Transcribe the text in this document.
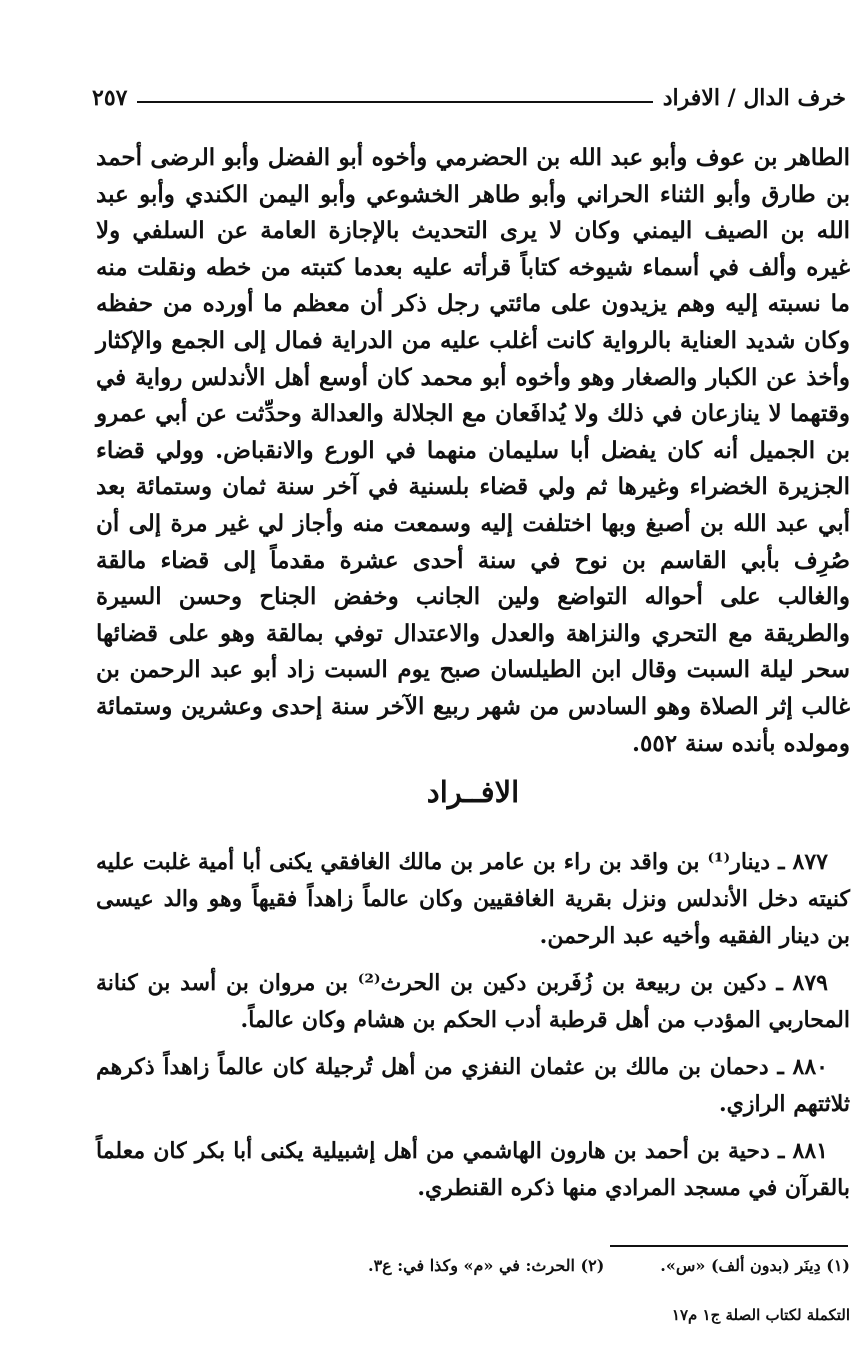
خرف الدال / الافراد
٢٥٧
الطاهر بن عوف وأبو عبد الله بن الحضرمي وأخوه أبو الفضل وأبو الرضى أحمد بن طارق وأبو الثناء الحراني وأبو طاهر الخشوعي وأبو اليمن الكندي وأبو عبد الله بن الصيف اليمني وكان لا يرى التحديث بالإجازة العامة عن السلفي ولا غيره وألف في أسماء شيوخه كتاباً قرأته عليه بعدما كتبته من خطه ونقلت منه ما نسبته إليه وهم يزيدون على مائتي رجل ذكر أن معظم ما أورده من حفظه وكان شديد العناية بالرواية كانت أغلب عليه من الدراية فمال إلى الجمع والإكثار وأخذ عن الكبار والصغار وهو وأخوه أبو محمد كان أوسع أهل الأندلس رواية في وقتهما لا ينازعان في ذلك ولا يُدافَعان مع الجلالة والعدالة وحدِّثت عن أبي عمرو بن الجميل أنه كان يفضل أبا سليمان منهما في الورع والانقباض. وولي قضاء الجزيرة الخضراء وغيرها ثم ولي قضاء بلسنية في آخر سنة ثمان وستمائة بعد أبي عبد الله بن أصبغ وبها اختلفت إليه وسمعت منه وأجاز لي غير مرة إلى أن صُرِف بأبي القاسم بن نوح في سنة أحدى عشرة مقدماً إلى قضاء مالقة والغالب على أحواله التواضع ولين الجانب وخفض الجناح وحسن السيرة والطريقة مع التحري والنزاهة والعدل والاعتدال توفي بمالقة وهو على قضائها سحر ليلة السبت وقال ابن الطيلسان صبح يوم السبت زاد أبو عبد الرحمن بن غالب إثر الصلاة وهو السادس من شهر ربيع الآخر سنة إحدى وعشرين وستمائة ومولده بأنده سنة ٥٥٢.
الافــراد

٨٧٧ ـ دينار⁽¹⁾ بن واقد بن راء بن عامر بن مالك الغافقي يكنى أبا أمية غلبت عليه كنيته دخل الأندلس ونزل بقرية الغافقيين وكان عالماً زاهداً فقيهاً وهو والد عيسى بن دينار الفقيه وأخيه عبد الرحمن.

٨٧٩ ـ دكين بن ربيعة بن زُفَربن دكين بن الحرث⁽²⁾ بن مروان بن أسد بن كنانة المحاربي المؤدب من أهل قرطبة أدب الحكم بن هشام وكان عالماً.

٨٨٠ ـ دحمان بن مالك بن عثمان النفزي من أهل تُرجيلة كان عالماً زاهداً ذكرهم ثلاثتهم الرازي.

٨٨١ ـ دحية بن أحمد بن هارون الهاشمي من أهل إشبيلية يكنى أبا بكر كان معلماً بالقرآن في مسجد المرادي منها ذكره القنطري.

(١) دِينَر (بدون ألف) «س».
(٢) الحرث: في «م» وكذا في: ع٣.
التكملة لكتاب الصلة ج١ م١٧
